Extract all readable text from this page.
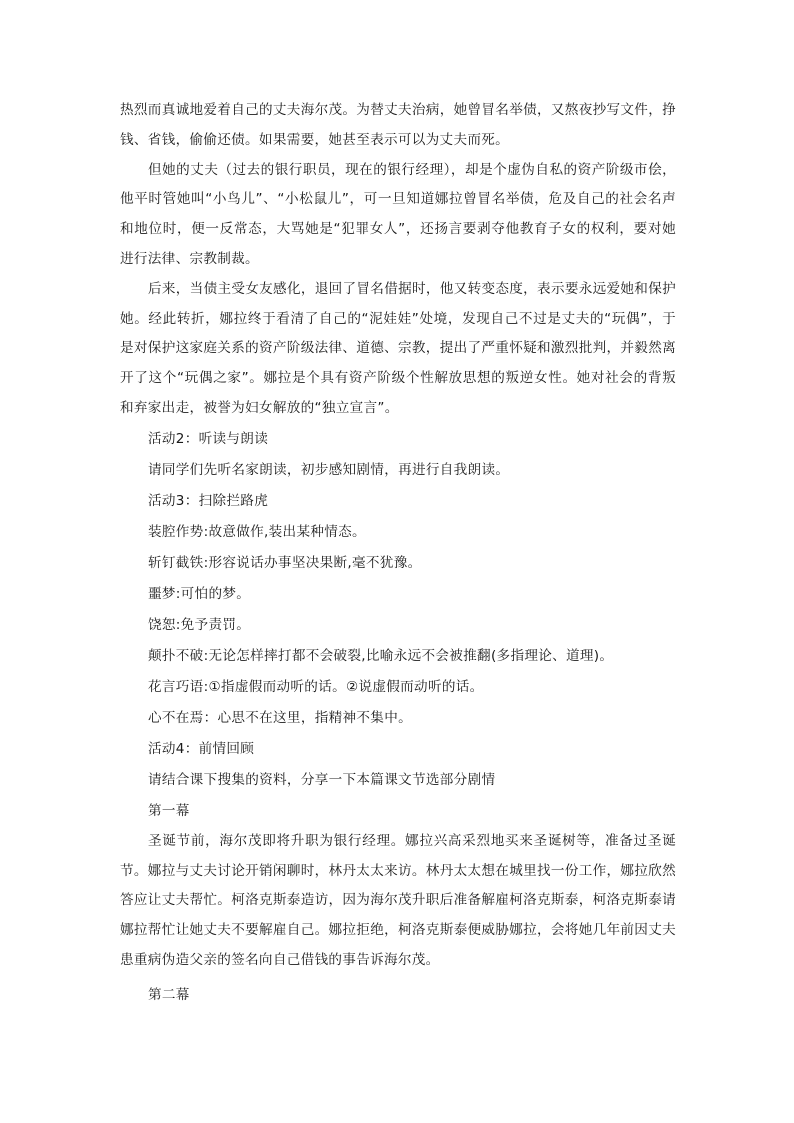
热烈而真诚地爱着自己的丈夫海尔茂。为替丈夫治病，她曾冒名举债，又熬夜抄写文件，挣钱、省钱，偷偷还债。如果需要，她甚至表示可以为丈夫而死。

但她的丈夫（过去的银行职员，现在的银行经理），却是个虚伪自私的资产阶级市侩，他平时管她叫“小鸟儿”、“小松鼠儿”，可一旦知道娜拉曾冒名举债，危及自己的社会名声和地位时，便一反常态，大骂她是“犯罪女人”，还扬言要剥夺他教育子女的权利，要对她进行法律、宗教制裁。

后来，当债主受女友感化，退回了冒名借据时，他又转变态度，表示要永远爱她和保护她。经此转折，娜拉终于看清了自己的“泥娃娃”处境，发现自己不过是丈夫的“玩偶”，于是对保护这家庭关系的资产阶级法律、道德、宗教，提出了严重怀疑和激烈批判，并毅然离开了这个“玩偶之家”。娜拉是个具有资产阶级个性解放思想的叛逆女性。她对社会的背叛和弃家出走，被誉为妇女解放的“独立宣言”。

活动2：听读与朗读

请同学们先听名家朗读，初步感知剧情，再进行自我朗读。

活动3：扫除拦路虎

装腔作势:故意做作,装出某种情态。

斩钉截铁:形容说话办事坚决果断,毫不犹豫。

噩梦:可怕的梦。

饶恕:免予责罚。

颠扑不破:无论怎样摔打都不会破裂,比喻永远不会被推翻(多指理论、道理)。

花言巧语:①指虚假而动听的话。②说虚假而动听的话。

心不在焉：心思不在这里，指精神不集中。

活动4：前情回顾

请结合课下搜集的资料，分享一下本篇课文节选部分剧情

第一幕

圣诞节前，海尔茂即将升职为银行经理。娜拉兴高采烈地买来圣诞树等，准备过圣诞节。娜拉与丈夫讨论开销闲聊时，林丹太太来访。林丹太太想在城里找一份工作，娜拉欣然答应让丈夫帮忙。柯洛克斯泰造访，因为海尔茂升职后准备解雇柯洛克斯泰，柯洛克斯泰请娜拉帮忙让她丈夫不要解雇自己。娜拉拒绝，柯洛克斯泰便威胁娜拉，会将她几年前因丈夫患重病伪造父亲的签名向自己借钱的事告诉海尔茂。

第二幕
